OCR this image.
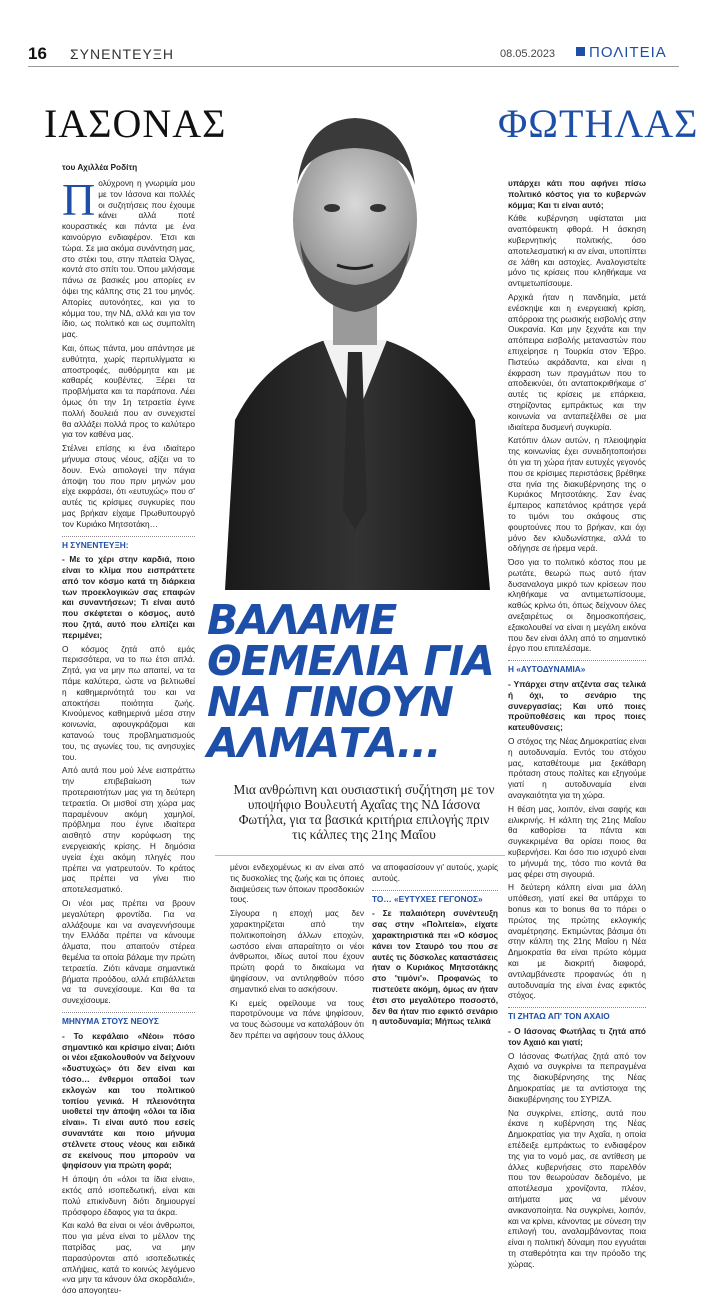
16 ΣΥΝΕΝΤΕΥΞΗ	08.05.2023 ΠΟΛΙΤΕΙΑ
ΙΑΣΟΝΑΣ	ΦΩΤΗΛΑΣ
του Αχιλλέα Ροδίτη

Πολύχρονη η γνωριμία μου με τον Ιάσονα και πολλές οι συζητήσεις που έχουμε κάνει αλλά ποτέ κουραστικές και πάντα με ένα καινούργιο ενδιαφέρον. Έτσι και τώρα. Σε μια ακόμα συνάντηση μας, στο στέκι του, στην πλατεία Όλγας, κοντά στο σπίτι του. Όπου μιλήσαμε πάνω σε βασικές μου απορίες εν όψει της κάλπης στις 21 του μηνός. Απορίες αυτονόητες, και για το κόμμα του, την ΝΔ, αλλά και για τον ίδιο, ως πολιτικό και ως συμπολίτη μας.

Και, όπως πάντα, μου απάντησε με ευθύτητα, χωρίς περιτυλίγματα κι αποστροφές, αυθόρμητα και με καθαρές κουβέντες. Ξέρει τα προβλήματα και τα παράπονα. Λέει όμως ότι την 1η τετραετία έγινε πολλή δουλειά που αν συνεχιστεί θα αλλάξει πολλά προς το καλύτερο για τον καθένα μας.

Στέλνει επίσης κι ένα ιδιαίτερο μήνυμα στους νέους, αξίζει να το δουν. Ενώ αιτιολογεί την πάγια άποψη του που πριν μηνών μου είχε εκφράσει, ότι «ευτυχώς» που σ' αυτές τις κρίσιμες συγκυρίες που μας βρήκαν είχαμε Πρωθυπουργό τον Κυριάκο Μητσοτάκη…

Η ΣΥΝΕΝΤΕΥΞΗ:

- Με το χέρι στην καρδιά, ποιο είναι το κλίμα που εισπράττετε από τον κόσμο κατά τη διάρκεια των προεκλογικών σας επαφών και συναντήσεων; Τι είναι αυτό που σκέφτεται ο κόσμος, αυτό που ζητά, αυτό που ελπίζει και περιμένει;

Ο κόσμος ζητά από εμάς περισσότερα, να το πω έτσι απλά. Ζητά, για να μην πω απαιτεί, να τα πάμε καλύτερα, ώστε να βελτιωθεί η καθημερινότητά του και να αποκτήσει ποιότητα ζωής. Κινούμενος καθημερινά μέσα στην κοινωνία, αφουγκράζομαι και κατανοώ τους προβληματισμούς του, τις αγωνίες του, τις ανησυχίες του.

Από αυτά που μού λένε εισπράττω την επιβεβαίωση των προτεραιοτήτων μας για τη δεύτερη τετραετία. Οι μισθοί στη χώρα μας παραμένουν ακόμη χαμηλοί, πρόβλημα που έγινε ιδιαίτερα αισθητό στην κορύφωση της ενεργειακής κρίσης. Η δημόσια υγεία έχει ακόμη πληγές που πρέπει να γιατρευτούν. Το κράτος μας πρέπει να γίνει πιο αποτελεσματικό.

Οι νέοι μας πρέπει να βρουν μεγαλύτερη φροντίδα. Για να αλλάξουμε και να αναγεννήσουμε την Ελλάδα πρέπει να κάνουμε άλματα, που απαιτούν στέρεα θεμέλια τα οποία βάλαμε την πρώτη τετραετία. Ζιότι κάναμε σημαντικά βήματα προόδου, αλλά επιβάλλεται να τα συνεχίσουμε. Και θα τα συνεχίσουμε.

ΜΗΝΥΜΑ ΣΤΟΥΣ ΝΕΟΥΣ

- Το κεφάλαιο «Νέοι» πόσο σημαντικό και κρίσιμο είναι; Διότι οι νέοι εξακολουθούν να δείχνουν «δυστυχώς» ότι δεν είναι και τόσο… ένθερμοι οπαδοί των εκλογών και του πολιτικού τοπίου γενικά. Η πλειονότητα υιοθετεί την άποψη «όλοι τα ίδια είναι». Τι είναι αυτό που εσείς συναντάτε και ποιο μήνυμα στέλνετε στους νέους και ειδικά σε εκείνους που μπορούν να ψηφίσουν για πρώτη φορά;

Η άποψη ότι «όλοι τα ίδια είναι», εκτός από ισοπεδωτική, είναι και πολύ επικίνδυνη διότι δημιουργεί πρόσφορο έδαφος για τα άκρα.

Και καλό θα είναι οι νέοι άνθρωποι, που για μένα είναι το μέλλον της πατρίδας μας, να μην παρασύρονται από ισοπεδωτικές απλήψεις, κατά το κοινώς λεγόμενο «να μην τα κάνουν όλα σκορδαλιά», όσο απογοητευ-

ΒΑΛΑΜΕ ΘΕΜΕΛΙΑ ΓΙΑ ΝΑ ΓΙΝΟΥΝ ΑΛΜΑΤΑ...
Μια ανθρώπινη και ουσιαστική συζήτηση με τον υποψήφιο Βουλευτή Αχαΐας της ΝΔ Ιάσονα Φωτήλα, για τα βασικά κριτήρια επιλογής πριν τις κάλπες της 21ης Μαΐου

μένοι ενδεχομένως κι αν είναι από τις δυσκολίες της ζωής και τις όποιες διαψεύσεις των όποιων προσδοκιών τους.

Σίγουρα η εποχή μας δεν χαρακτηρίζεται από την πολιτικοποίηση άλλων εποχών, ωστόσο είναι απαραίτητο οι νέοι άνθρωποι, ιδίως αυτοί που έχουν πρώτη φορά το δικαίωμα να ψηφίσουν, να αντιληφθούν πόσο σημαντικό είναι το ασκήσουν.

Κι εμείς οφείλουμε να τους παροτρύνουμε να πάνε ψηφίσουν, να τους δώσουμε να καταλάβουν ότι δεν πρέπει να αφήσουν τους άλλους

να αποφασίσουν γι' αυτούς, χωρίς αυτούς.

ΤΟ… «ΕΥΤΥΧΕΣ ΓΕΓΟΝΟΣ»

- Σε παλαιότερη συνέντευξη σας στην «Πολιτεία», είχατε χαρακτηριστικά πει «Ο κόσμος κάνει τον Σταυρό του που σε αυτές τις δύσκολες καταστάσεις ήταν ο Κυριάκος Μητσοτάκης στο 'τιμόνι'». Προφανώς το πιστεύετε ακόμη, όμως αν ήταν έτσι στο μεγαλύτερο ποσοστό, δεν θα ήταν πιο εφικτό σενάριο η αυτοδυναμία; Μήπως τελικά

υπάρχει κάτι που αφήνει πίσω πολιτικό κόστος για το κυβερνών κόμμα; Και τι είναι αυτό;

Κάθε κυβέρνηση υφίσταται μια αναπόφευκτη φθορά. Η άσκηση κυβερνητικής πολιτικής, όσο αποτελεσματική κι αν είναι, υποπίπτει σε λάθη και αστοχίες. Αναλογιστείτε μόνο τις κρίσεις που κληθήκαμε να αντιμετωπίσουμε.

Αρχικά ήταν η πανδημία, μετά ενέσκηψε και η ενεργειακή κρίση, απόρροια της ρωσικής εισβολής στην Ουκρανία. Και μην ξεχνάτε και την απόπειρα εισβολής μεταναστών που επιχείρησε η Τουρκία στον Έβρο. Πιστεύω ακράδαντα, και είναι η έκφραση των πραγμάτων που το αποδεικνύει, ότι ανταποκριθήκαμε σ' αυτές τις κρίσεις με επάρκεια, στηρίζοντας εμπράκτως και την κοινωνία να ανταπεξέλθει σε μια ιδιαίτερα δυσμενή συγκυρία.

Κατόπιν όλων αυτών, η πλειοψηφία της κοινωνίας έχει συνειδητοποιήσει ότι για τη χώρα ήταν ευτυχές γεγονός που σε κρίσιμες περιστάσεις βρέθηκε στα ηνία της διακυβέρνησης της ο Κυριάκος Μητσοτάκης. Σαν ένας έμπειρος καπετάνιος κράτησε γερά το τιμόνι του σκάφους στις φουρτούνες που το βρήκαν, και όχι μόνο δεν κλυδωνίστηκε, αλλά το οδήγησε σε ήρεμα νερά.

Όσο για το πολιτικό κόστος που με ρωτάτε, θεωρώ πως αυτό ήταν δυσαναλογα μικρό των κρίσεων που κληθήκαμε να αντιμετωπίσουμε, καθώς κρίνω ότι, όπως δείχνουν όλες ανεξαιρέτως οι δημοσκοπήσεις, εξακολουθεί να είναι η μεγάλη εικόνα που δεν είναι άλλη από το σημαντικό έργο που επιτελέσαμε.

Η «ΑΥΤΟΔΥΝΑΜΙΑ»

- Υπάρχει στην ατζέντα σας τελικά ή όχι, το σενάριο της συνεργασίας; Και υπό ποιες προϋποθέσεις και προς ποιες κατευθύνσεις;

Ο στόχος της Νέας Δημοκρατίας είναι η αυτοδυναμία. Εντός του στόχου μας, καταθέτουμε μια ξεκάθαρη πρόταση στους πολίτες και εξηγούμε γιατί η αυτοδυναμία είναι αναγκαιότητα για τη χώρα.

Η θέση μας, λοιπόν, είναι σαφής και ειλικρινής. Η κάλπη της 21ης Μαΐου θα καθορίσει τα πάντα και συγκεκριμένα θα ορίσει ποιος θα κυβερνήσει. Και όσο πιο ισχυρό είναι το μήνυμά της, τόσο πιο κοντά θα μας φέρει στη σιγουριά.

Η δεύτερη κάλπη είναι μια άλλη υπόθεση, γιατί εκεί θα υπάρχει το bonus και το bonus θα το πάρει ο πρώτος της πρώτης εκλογικής αναμέτρησης. Εκτιμώντας βάσιμα ότι στην κάλπη της 21ης Μαΐου η Νέα Δημοκρατία θα είναι πρώτο κόμμα και με διακριτή διαφορά, αντιλαμβάνεστε προφανώς ότι η αυτοδυναμία της είναι ένας εφικτός στόχος.

ΤΙ ΖΗΤΑΩ ΑΠ' ΤΟΝ ΑΧΑΙΟ

- Ο Ιάσονας Φωτήλας τι ζητά από τον Αχαιό και γιατί;

Ο Ιάσονας Φωτήλας ζητά από τον Αχαιό να συγκρίνει τα πεπραγμένα της διακυβέρνησης της Νέας Δημοκρατίας με τα αντίστοιχα της διακυβέρνησης του ΣΥΡΙΖΑ.

Να συγκρίνει, επίσης, αυτά που έκανε η κυβέρνηση της Νέας Δημοκρατίας για την Αχαΐα, η οποία επέδειξε εμπράκτως το ενδιαφέρον της για το νομό μας, σε αντίθεση με άλλες κυβερνήσεις στο παρελθόν που τον θεωρούσαν δεδομένο, με αποτέλεσμα χρονίζοντα, πλέον, αιτήματα μας να μένουν ανικανοποίητα. Να συγκρίνει, λοιπόν, και να κρίνει, κάνοντας με σύνεση την επιλογή του, αναλαμβάνοντας ποια είναι η πολιτική δύναμη που εγγυάται τη σταθερότητα και την πρόοδο της χώρας.
